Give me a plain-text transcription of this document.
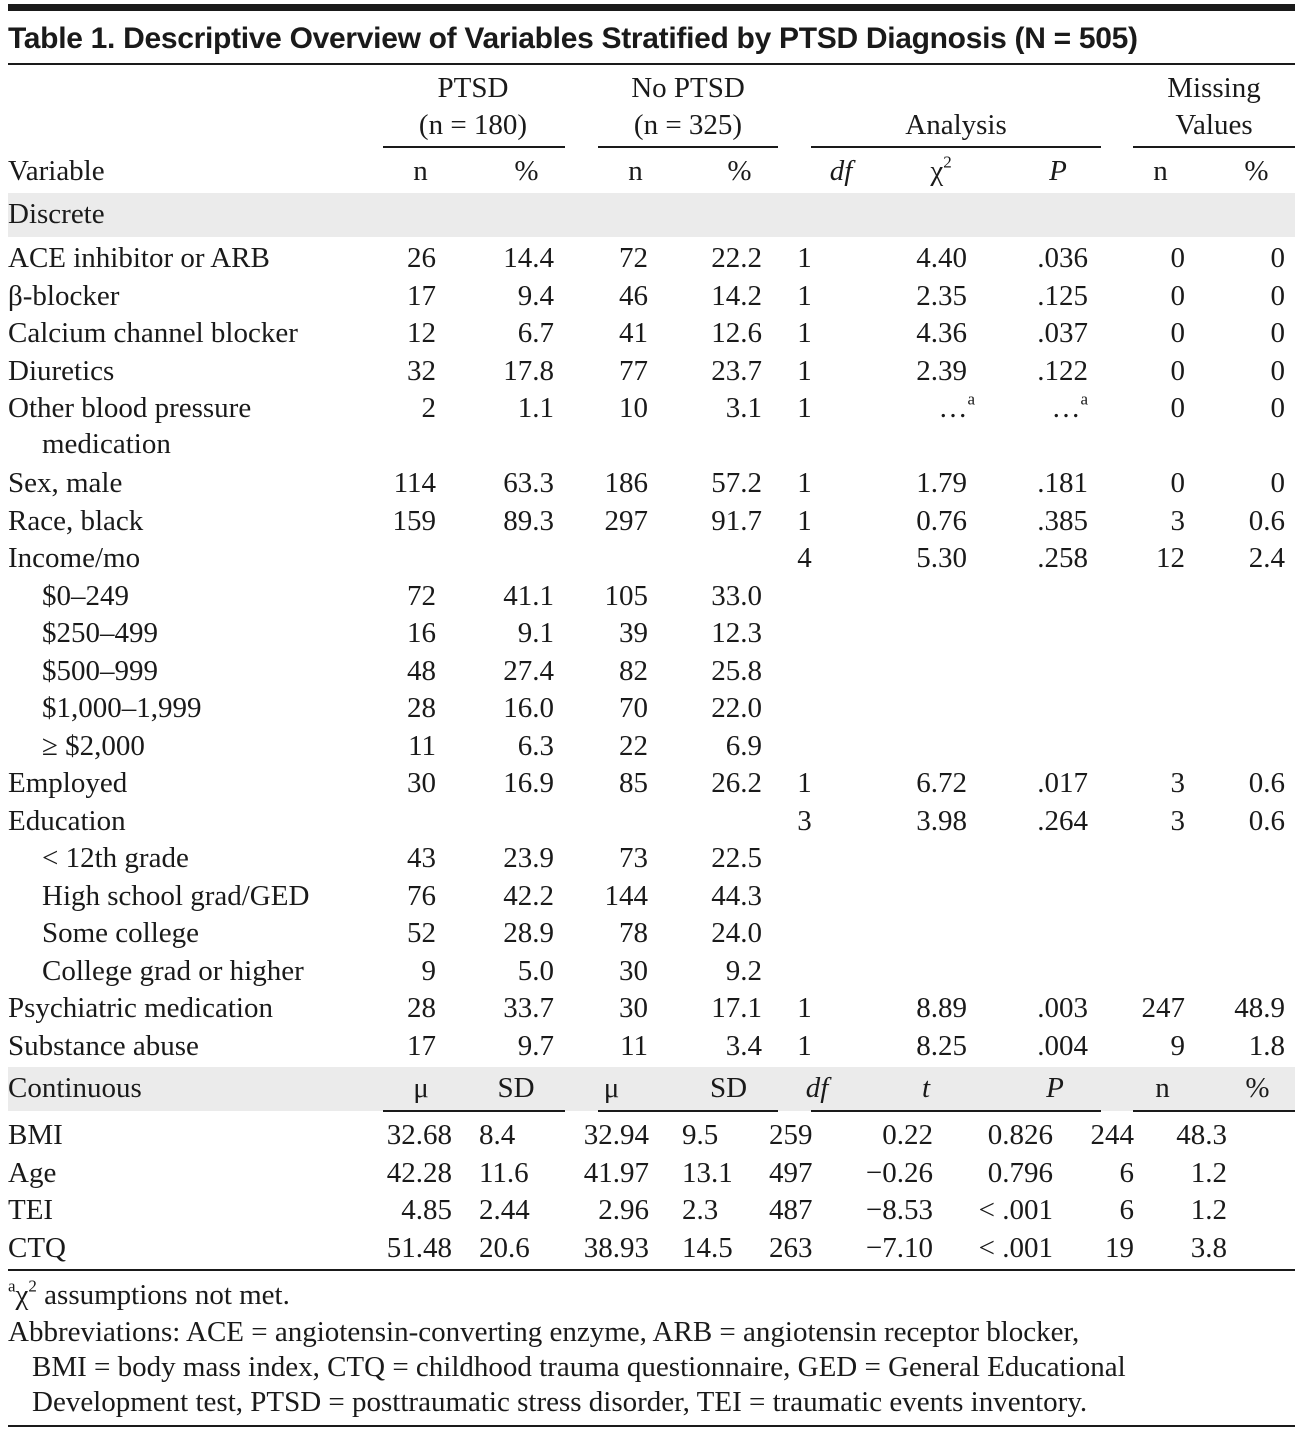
Table 1. Descriptive Overview of Variables Stratified by PTSD Diagnosis (N = 505)
PTSD
(n = 180)
No PTSD
(n = 325)	Analysis
Missing
Values
Variable	n	%	n	%	df	$\chi^2$	P	n	%
Discrete
ACE inhibitor or ARB	26	14.4	72	22.2	1	4.40	.036	0	0

β-blocker	17	9.4	46	14.2	1	2.35	.125	0	0

Calcium channel blocker	12	6.7	41	12.6	1	4.36	.037	0	0

Diuretics	32	17.8	77	23.7	1	2.39	.122	0	0

Other blood pressure
medication	2	1.1	10	3.1	1	…$^a$	…$^a$	0	0

Sex, male	114	63.3	186	57.2	1	1.79	.181	0	0

Race, black	159	89.3	297	91.7	1	0.76	.385	3	0.6

Income/mo					4	5.30	.258	12	2.4

$0–249	72	41.1	105	33.0					

$250–499	16	9.1	39	12.3					

$500–999	48	27.4	82	25.8					

$1,000–1,999	28	16.0	70	22.0					

≥ $2,000	11	6.3	22	6.9					

Employed	30	16.9	85	26.2	1	6.72	.017	3	0.6

Education					3	3.98	.264	3	0.6

< 12th grade	43	23.9	73	22.5					

High school grad/GED	76	42.2	144	44.3					

Some college	52	28.9	78	24.0					

College grad or higher	9	5.0	30	9.2					

Psychiatric medication	28	33.7	30	17.1	1	8.89	.003	247	48.9

Substance abuse	17	9.7	11	3.4	1	8.25	.004	9	1.8
Continuous	μ	SD	μ	SD	df	t	P	n	%
BMI	32.68	8.4	32.94	9.5	259	0.22	0.826	244	48.3
Age	42.28	11.6	41.97	13.1	497	−0.26	0.796	6	1.2
TEI	4.85	2.44	2.96	2.3	487	−8.53	< .001	6	1.2
CTQ	51.48	20.6	38.93	14.5	263	−7.10	< .001	19	3.8
$^a\chi^2$ assumptions not met.
Abbreviations: ACE = angiotensin-converting enzyme, ARB = angiotensin receptor blocker,
BMI = body mass index, CTQ = childhood trauma questionnaire, GED = General Educational
Development test, PTSD = posttraumatic stress disorder, TEI = traumatic events inventory.
